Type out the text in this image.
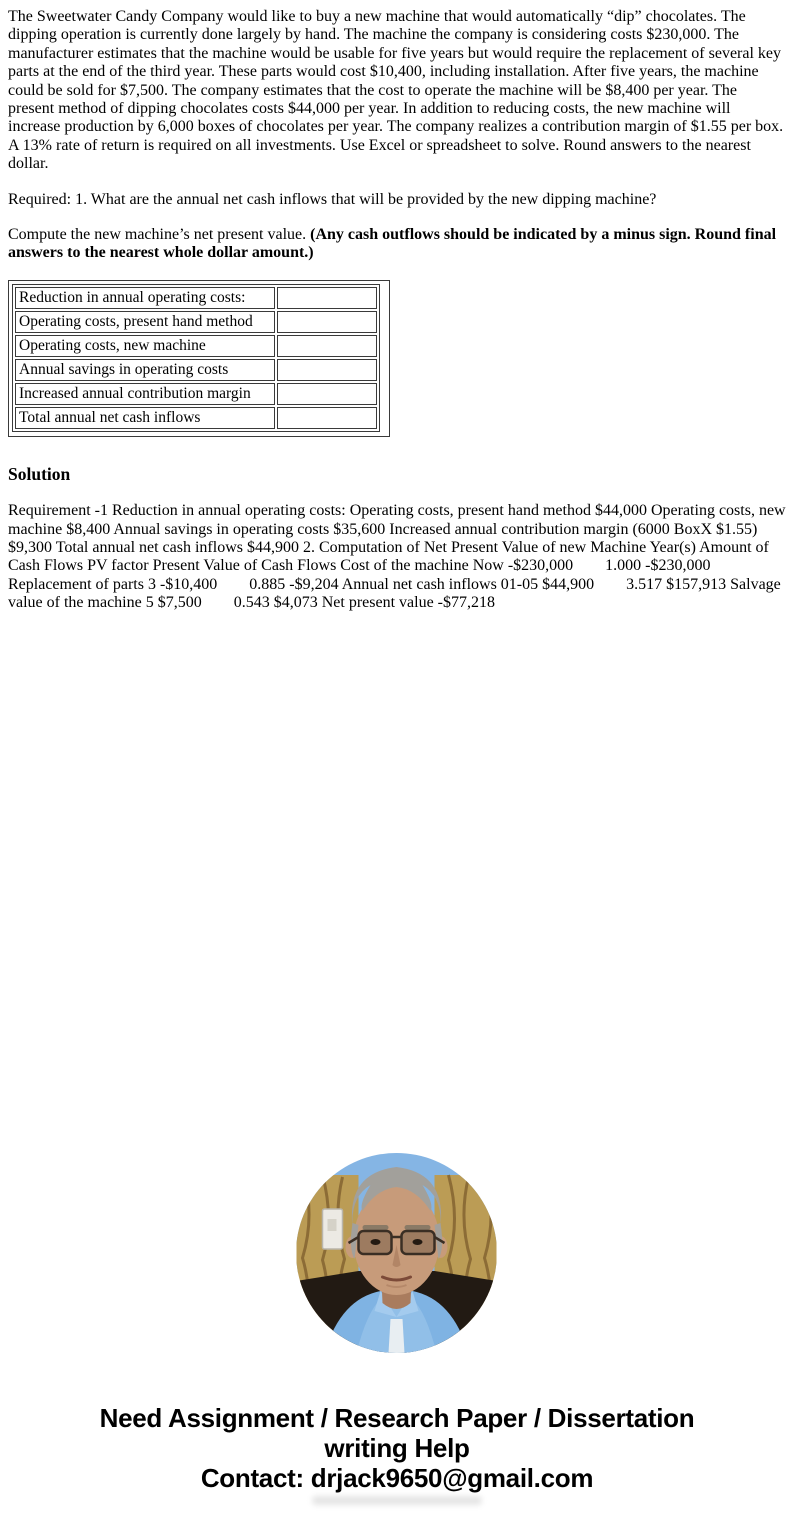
The Sweetwater Candy Company would like to buy a new machine that would automatically “dip” chocolates. The dipping operation is currently done largely by hand. The machine the company is considering costs $230,000. The manufacturer estimates that the machine would be usable for five years but would require the replacement of several key parts at the end of the third year. These parts would cost $10,400, including installation. After five years, the machine could be sold for $7,500. The company estimates that the cost to operate the machine will be $8,400 per year. The present method of dipping chocolates costs $44,000 per year. In addition to reducing costs, the new machine will increase production by 6,000 boxes of chocolates per year. The company realizes a contribution margin of $1.55 per box. A 13% rate of return is required on all investments. Use Excel or spreadsheet to solve. Round answers to the nearest dollar.

Required: 1. What are the annual net cash inflows that will be provided by the new dipping machine?

Compute the new machine’s net present value. (Any cash outflows should be indicated by a minus sign. Round final answers to the nearest whole dollar amount.)

Reduction in annual operating costs:	
Operating costs, present hand method	
Operating costs, new machine	
Annual savings in operating costs	
Increased annual contribution margin	
Total annual net cash inflows	
Solution

Requirement -1 Reduction in annual operating costs: Operating costs, present hand method $44,000 Operating costs, new machine $8,400 Annual savings in operating costs $35,600 Increased annual contribution margin (6000 BoxX $1.55) $9,300 Total annual net cash inflows $44,900 2. Computation of Net Present Value of new Machine Year(s) Amount of Cash Flows PV factor Present Value of Cash Flows Cost of the machine Now -$230,000        1.000 -$230,000 Replacement of parts 3 -$10,400        0.885 -$9,204 Annual net cash inflows 01-05 $44,900        3.517 $157,913 Salvage value of the machine 5 $7,500        0.543 $4,073 Net present value -$77,218

Need Assignment / Research Paper / Dissertation
writing Help
Contact: drjack9650@gmail.com
